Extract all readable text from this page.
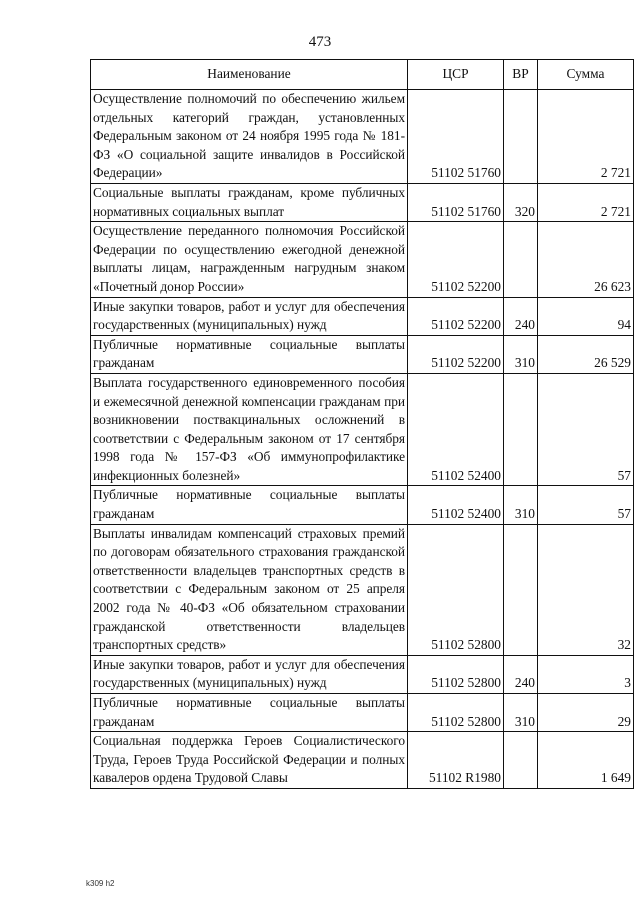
473
Наименование	ЦСР	ВР	Сумма
Осуществление полномочий по обеспечению жильем отдельных категорий граждан, установленных Федеральным законом от 24 ноября 1995 года № 181-ФЗ «О социальной защите инвалидов в Российской Федерации»	51102 51760		2 721
Социальные выплаты гражданам, кроме публичных нормативных социальных выплат	51102 51760	320	2 721
Осуществление переданного полномочия Российской Федерации по осуществлению ежегодной денежной выплаты лицам, награжденным нагрудным знаком «Почетный донор России»	51102 52200		26 623
Иные закупки товаров, работ и услуг для обеспечения государственных (муниципальных) нужд	51102 52200	240	94
Публичные нормативные социальные выплаты гражданам	51102 52200	310	26 529
Выплата государственного единовременного пособия и ежемесячной денежной компенсации гражданам при возникновении поствакцинальных осложнений в соответствии с Федеральным законом от 17 сентября 1998 года № 157-ФЗ «Об иммунопрофилактике инфекционных болезней»	51102 52400		57
Публичные нормативные социальные выплаты гражданам	51102 52400	310	57
Выплаты инвалидам компенсаций страховых премий по договорам обязательного страхования гражданской ответственности владельцев транспортных средств в соответствии с Федеральным законом от 25 апреля 2002 года № 40-ФЗ «Об обязательном страховании гражданской ответственности владельцев транспортных средств»	51102 52800		32
Иные закупки товаров, работ и услуг для обеспечения государственных (муниципальных) нужд	51102 52800	240	3
Публичные нормативные социальные выплаты гражданам	51102 52800	310	29
Социальная поддержка Героев Социалистического Труда, Героев Труда Российской Федерации и полных кавалеров ордена Трудовой Славы	51102 R1980		1 649
k309 h2
